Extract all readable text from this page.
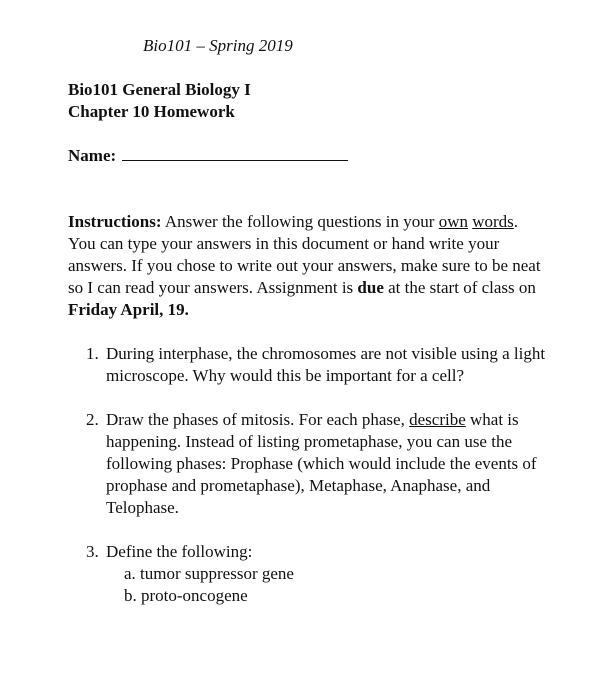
Bio101 – Spring 2019
Bio101 General Biology I
Chapter 10 Homework
Name:

Instructions: Answer the following questions in your own words. You can type your answers in this document or hand write your answers. If you chose to write out your answers, make sure to be neat so I can read your answers. Assignment is due at the start of class on Friday April, 19.

1. During interphase, the chromosomes are not visible using a light microscope. Why would this be important for a cell?
2. Draw the phases of mitosis. For each phase, describe what is happening. Instead of listing prometaphase, you can use the following phases: Prophase (which would include the events of prophase and prometaphase), Metaphase, Anaphase, and Telophase.
3. Define the following:
a. tumor suppressor gene
b. proto-oncogene
